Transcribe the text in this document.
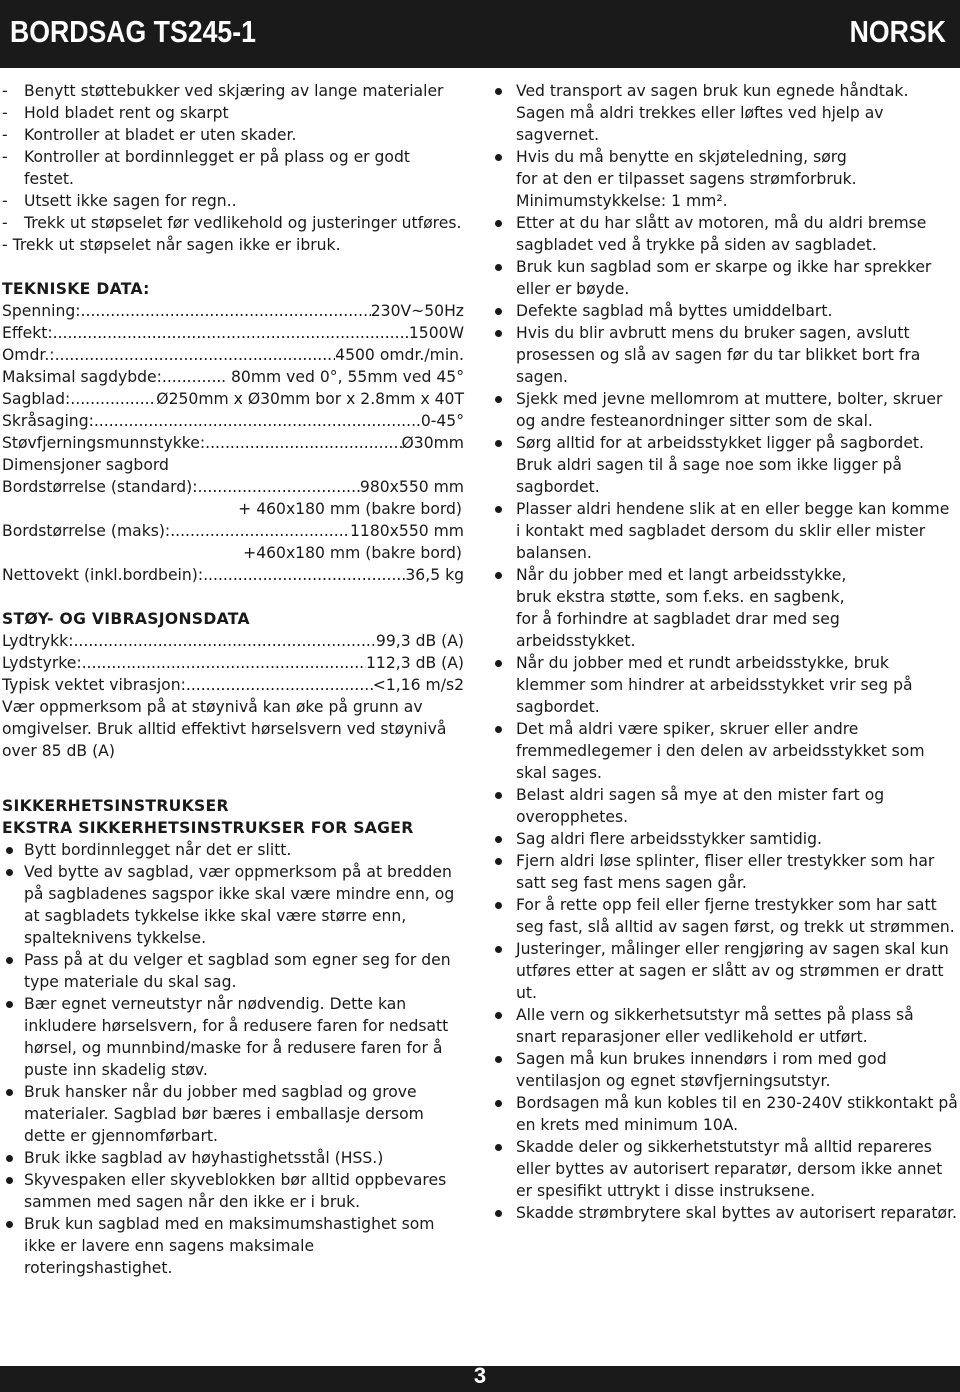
BORDSAG TS245-1	NORSK
-	Benytt støttebukker ved skjæring av lange materialer
-	Hold bladet rent og skarpt
-	Kontroller at bladet er uten skader.
-	Kontroller at bordinnlegget er på plass og er godt festet.
-	Utsett ikke sagen for regn..
-	Trekk ut støpselet før vedlikehold og justeringer utføres.
- Trekk ut støpselet når sagen ikke er ibruk.
TEKNISKE DATA:
Spenning: .....	230V~50Hz
Effekt: .....	1500W
Omdr.: .....	4500 omdr./min.
Maksimal sagdybde: .....	. 80mm ved 0°, 55mm ved 45°
Sagblad: .....	Ø250mm x Ø30mm bor x 2.8mm x 40T
Skråsaging: .....	0-45°
Støvfjerningsmunnstykke: .....	Ø30mm
Dimensjoner sagbord
Bordstørrelse (standard): .....	980x550 mm
+ 460x180 mm (bakre bord)
Bordstørrelse (maks): .....	1180x550 mm
+460x180 mm (bakre bord)
Nettovekt (inkl.bordbein): .....	36,5 kg
STØY- OG VIBRASJONSDATA
Lydtrykk: .....	99,3 dB (A)
Lydstyrke: .....	112,3 dB (A)
Typisk vektet vibrasjon: .....	<1,16 m/s2
Vær oppmerksom på at støynivå kan øke på grunn av omgivelser. Bruk alltid effektivt hørselsvern ved støynivå over 85 dB (A)
SIKKERHETSINSTRUKSER
EKSTRA SIKKERHETSINSTRUKSER FOR SAGER
Bytt bordinnlegget når det er slitt.
Ved bytte av sagblad, vær oppmerksom på at bredden på sagbladenes sagspor ikke skal være mindre enn, og at sagbladets tykkelse ikke skal være større enn, spalteknivens tykkelse.
Pass på at du velger et sagblad som egner seg for den type materiale du skal sag.
Bær egnet verneutstyr når nødvendig. Dette kan inkludere hørselsvern, for å redusere faren for nedsatt hørsel, og munnbind/maske for å redusere faren for å puste inn skadelig støv.
Bruk hansker når du jobber med sagblad og grove materialer. Sagblad bør bæres i emballasje dersom dette er gjennomførbart.
Bruk ikke sagblad av høyhastighetsstål (HSS.)
Skyvespaken eller skyveblokken bør alltid oppbevares sammen med sagen når den ikke er i bruk.
Bruk kun sagblad med en maksimumshastighet som ikke er lavere enn sagens maksimale roteringshastighet.
Ved transport av sagen bruk kun egnede håndtak. Sagen må aldri trekkes eller løftes ved hjelp av sagvernet.
Hvis du må benytte en skjøteledning, sørg
for at den er tilpasset sagens strømforbruk.
Minimumstykkelse: 1 mm².
Etter at du har slått av motoren, må du aldri bremse sagbladet ved å trykke på siden av sagbladet.
Bruk kun sagblad som er skarpe og ikke har sprekker eller er bøyde.
Defekte sagblad må byttes umiddelbart.
Hvis du blir avbrutt mens du bruker sagen, avslutt prosessen og slå av sagen før du tar blikket bort fra sagen.
Sjekk med jevne mellomrom at muttere, bolter, skruer og andre festeanordninger sitter som de skal.
Sørg alltid for at arbeidsstykket ligger på sagbordet. Bruk aldri sagen til å sage noe som ikke ligger på sagbordet.
Plasser aldri hendene slik at en eller begge kan komme i kontakt med sagbladet dersom du sklir eller mister balansen.
Når du jobber med et langt arbeidsstykke,
bruk ekstra støtte, som f.eks. en sagbenk,
for å forhindre at sagbladet drar med seg
arbeidsstykket.
Når du jobber med et rundt arbeidsstykke, bruk klemmer som hindrer at arbeidsstykket vrir seg på sagbordet.
Det må aldri være spiker, skruer eller andre fremmedlegemer i den delen av arbeidsstykket som skal sages.
Belast aldri sagen så mye at den mister fart og overopphetes.
Sag aldri flere arbeidsstykker samtidig.
Fjern aldri løse splinter, fliser eller trestykker som har satt seg fast mens sagen går.
For å rette opp feil eller fjerne trestykker som har satt seg fast, slå alltid av sagen først, og trekk ut strømmen.
Justeringer, målinger eller rengjøring av sagen skal kun utføres etter at sagen er slått av og strømmen er dratt ut.
Alle vern og sikkerhetsutstyr må settes på plass så snart reparasjoner eller vedlikehold er utført.
Sagen må kun brukes innendørs i rom med god ventilasjon og egnet støvfjerningsutstyr.
Bordsagen må kun kobles til en 230-240V stikkontakt på en krets med minimum 10A.
Skadde deler og sikkerhetstutstyr må alltid repareres eller byttes av autorisert reparatør, dersom ikke annet er spesifikt uttrykt i disse instruksene.
Skadde strømbrytere skal byttes av autorisert reparatør.
3
